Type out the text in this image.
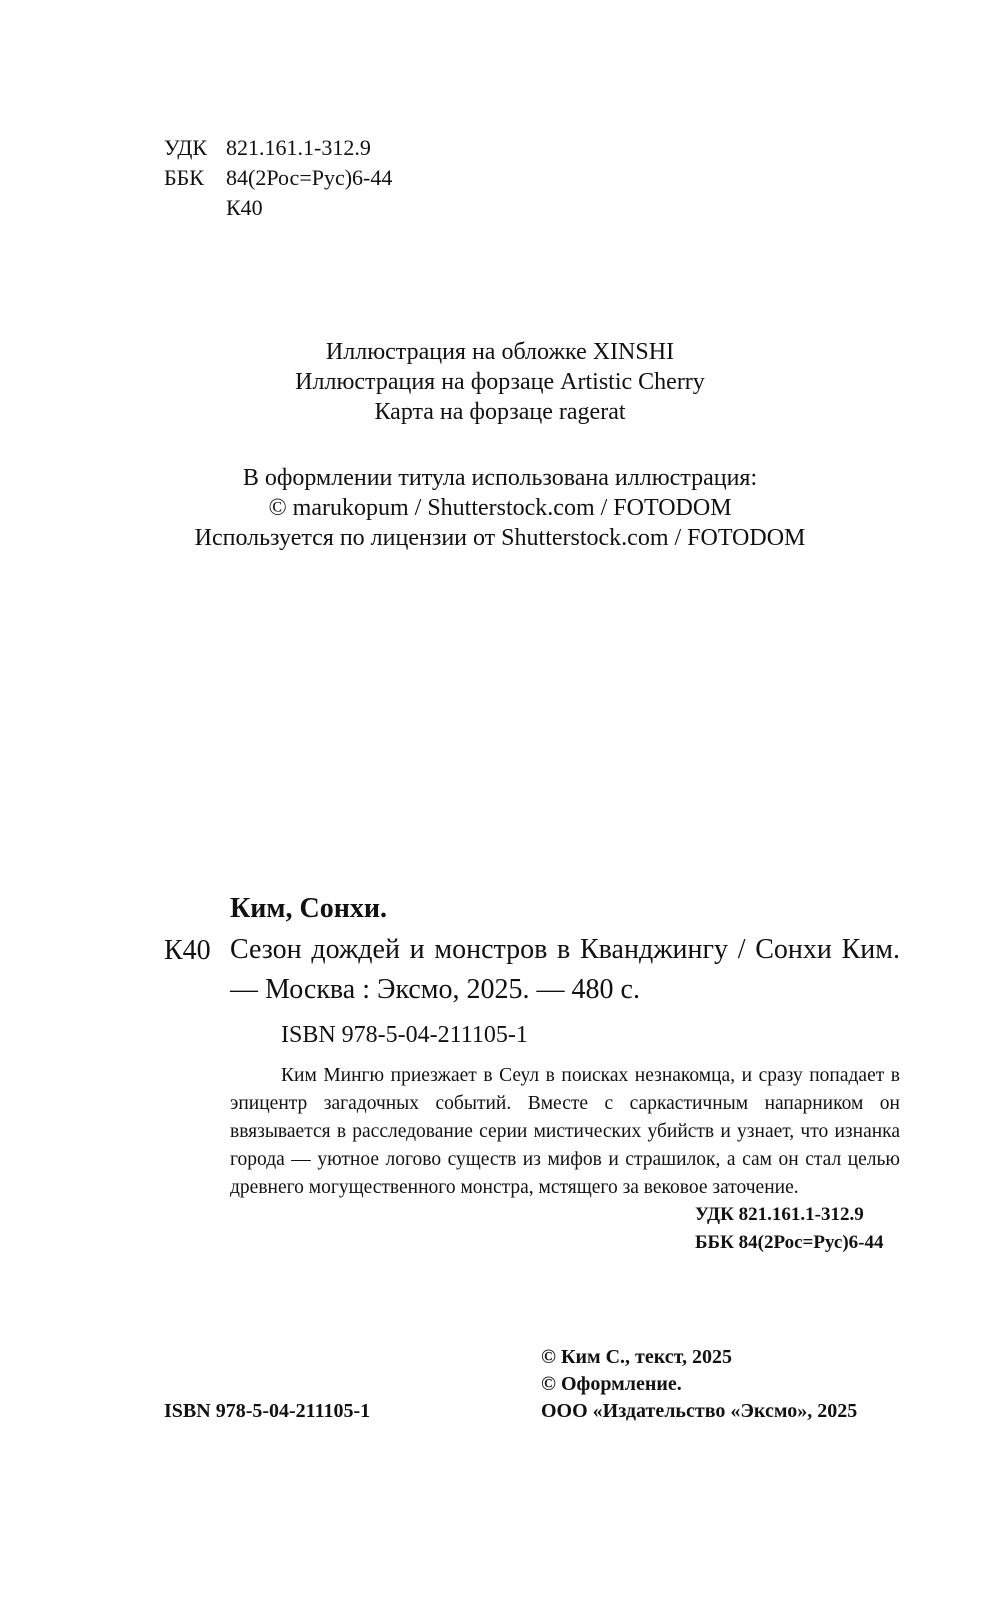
УДК 821.161.1-312.9
ББК	84(2Рос=Рус)6-44
К40
Иллюстрация на обложке XINSHI
Иллюстрация на форзаце Artistic Cherry
Карта на форзаце ragerat
В оформлении титула использована иллюстрация:
© marukopum / Shutterstock.com / FOTODOM
Используется по лицензии от Shutterstock.com / FOTODOM
Ким, Сонхи.
К40 Сезон дождей и монстров в Кванджингу / Сонхи Ким. — Москва : Эксмо, 2025. — 480 с.
ISBN 978-5-04-211105-1
Ким Мингю приезжает в Сеул в поисках незнакомца, и сразу попадает в эпицентр загадочных событий. Вместе с саркастичным напарником он ввязывается в расследование серии мистических убийств и узнает, что изнанка города — уютное логово существ из мифов и страшилок, а сам он стал целью древнего могущественного монстра, мстящего за вековое заточение.
УДК 821.161.1-312.9
ББК 84(2Рос=Рус)6-44
© Ким С., текст, 2025
© Оформление.
ООО «Издательство «Эксмо», 2025
ISBN 978-5-04-211105-1
